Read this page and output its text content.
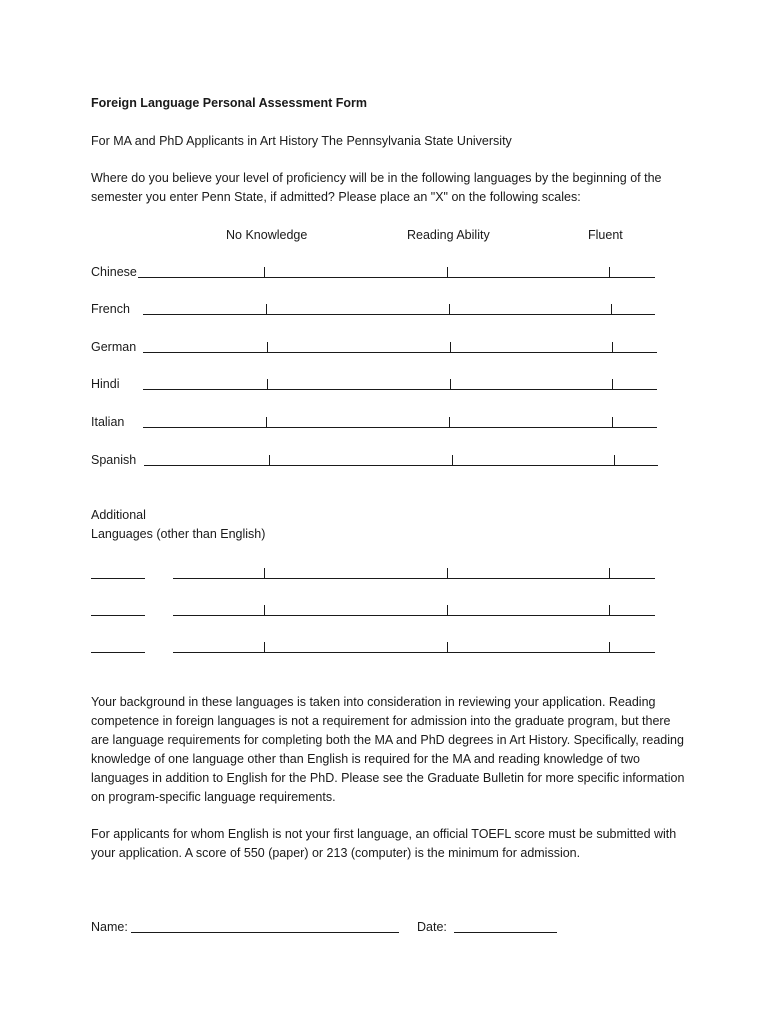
Foreign Language Personal Assessment Form
For MA and PhD Applicants in Art History The Pennsylvania State University
Where do you believe your level of proficiency will be in the following languages by the beginning of the
semester you enter Penn State, if admitted? Please place an "X" on the following scales:
No Knowledge	Reading Ability	Fluent
Chinese
French
German
Hindi
Italian
Spanish
Additional
Languages (other than English)
Your background in these languages is taken into consideration in reviewing your application. Reading competence in foreign languages is not a requirement for admission into the graduate program, but there are language requirements for completing both the MA and PhD degrees in Art History. Specifically, reading knowledge of one language other than English is required for the MA and reading knowledge of two languages in addition to English for the PhD. Please see the Graduate Bulletin for more specific information on program-specific language requirements.
For applicants for whom English is not your first language, an official TOEFL score must be submitted with your application. A score of 550 (paper) or 213 (computer) is the minimum for admission.
Name:	Date:
